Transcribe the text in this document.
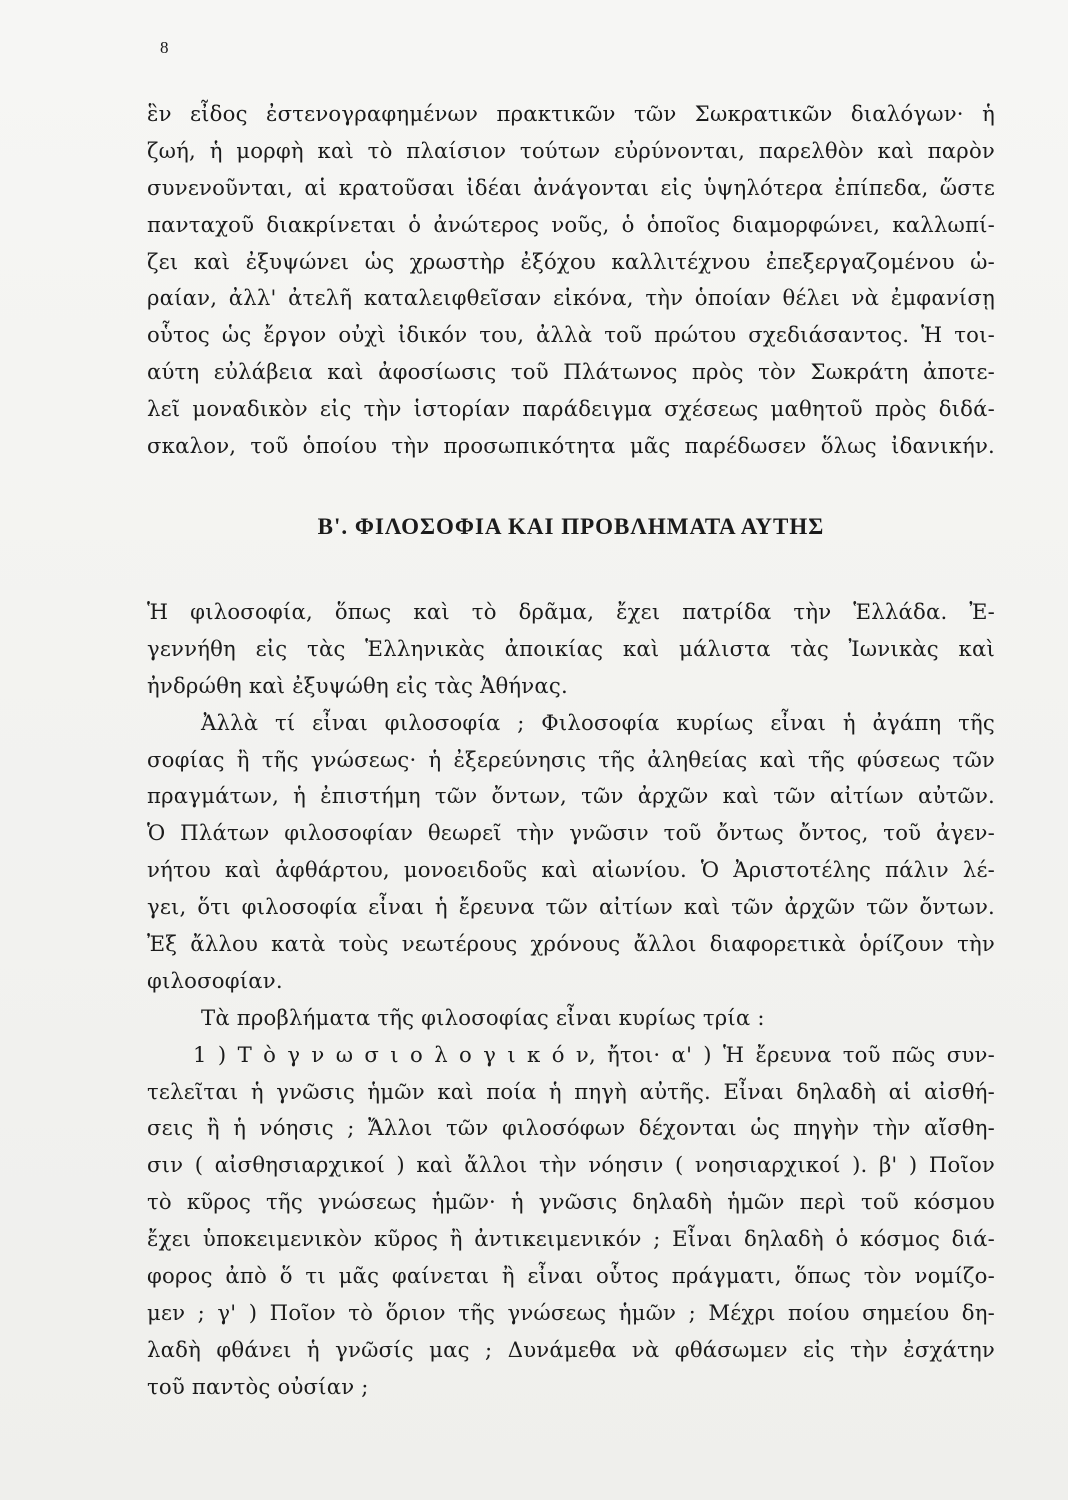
8
ἓν εἶδος ἐστενογραφημένων πρακτικῶν τῶν Σωκρατικῶν διαλόγων· ἡ
ζωή, ἡ μορφὴ καὶ τὸ πλαίσιον τούτων εὐρύνονται, παρελθὸν καὶ παρὸν
συνενοῦνται, αἱ κρατοῦσαι ἰδέαι ἀνάγονται εἰς ὑψηλότερα ἐπίπεδα, ὥστε
πανταχοῦ διακρίνεται ὁ ἀνώτερος νοῦς, ὁ ὁποῖος διαμορφώνει, καλλωπί-
ζει καὶ ἐξυψώνει ὡς χρωστὴρ ἐξόχου καλλιτέχνου ἐπεξεργαζομένου ὡ-
ραίαν, ἀλλ' ἀτελῆ καταλειφθεῖσαν εἰκόνα, τὴν ὁποίαν θέλει νὰ ἐμφανίσῃ
οὗτος ὡς ἔργον οὐχὶ ἰδικόν του, ἀλλὰ τοῦ πρώτου σχεδιάσαντος. Ἡ τοι-
αύτη εὐλάβεια καὶ ἀφοσίωσις τοῦ Πλάτωνος πρὸς τὸν Σωκράτη ἀποτε-
λεῖ μοναδικὸν εἰς τὴν ἱστορίαν παράδειγμα σχέσεως μαθητοῦ πρὸς διδά-
σκαλον, τοῦ ὁποίου τὴν προσωπικότητα μᾶς παρέδωσεν ὅλως ἰδανικήν.
Β'. ΦΙΛΟΣΟΦΙΑ ΚΑΙ ΠΡΟΒΛΗΜΑΤΑ ΑΥΤΗΣ
Ἡ φιλοσοφία, ὅπως καὶ τὸ δρᾶμα, ἔχει πατρίδα τὴν Ἑλλάδα. Ἐ-
γεννήθη εἰς τὰς Ἑλληνικὰς ἀποικίας καὶ μάλιστα τὰς Ἰωνικὰς καὶ
ἠνδρώθη καὶ ἐξυψώθη εἰς τὰς Ἀθήνας.
Ἀλλὰ τί εἶναι φιλοσοφία ; Φιλοσοφία κυρίως εἶναι ἡ ἀγάπη τῆς
σοφίας ἢ τῆς γνώσεως· ἡ ἐξερεύνησις τῆς ἀληθείας καὶ τῆς φύσεως τῶν
πραγμάτων, ἡ ἐπιστήμη τῶν ὄντων, τῶν ἀρχῶν καὶ τῶν αἰτίων αὐτῶν.
Ὁ Πλάτων φιλοσοφίαν θεωρεῖ τὴν γνῶσιν τοῦ ὄντως ὄντος, τοῦ ἀγεν-
νήτου καὶ ἀφθάρτου, μονοειδοῦς καὶ αἰωνίου. Ὁ Ἀριστοτέλης πάλιν λέ-
γει, ὅτι φιλοσοφία εἶναι ἡ ἔρευνα τῶν αἰτίων καὶ τῶν ἀρχῶν τῶν ὄντων.
Ἐξ ἄλλου κατὰ τοὺς νεωτέρους χρόνους ἄλλοι διαφορετικὰ ὁρίζουν τὴν
φιλοσοφίαν.
Τὰ προβλήματα τῆς φιλοσοφίας εἶναι κυρίως τρία :
1 ) Τ ὸ γ ν ω σ ι ο λ ο γ ι κ ό ν, ἤτοι· α' ) Ἡ ἔρευνα τοῦ πῶς συν-
τελεῖται ἡ γνῶσις ἡμῶν καὶ ποία ἡ πηγὴ αὐτῆς. Εἶναι δηλαδὴ αἱ αἰσθή-
σεις ἢ ἡ νόησις ; Ἄλλοι τῶν φιλοσόφων δέχονται ὡς πηγὴν τὴν αἴσθη-
σιν ( αἰσθησιαρχικοί ) καὶ ἄλλοι τὴν νόησιν ( νοησιαρχικοί ). β' ) Ποῖον
τὸ κῦρος τῆς γνώσεως ἡμῶν· ἡ γνῶσις δηλαδὴ ἡμῶν περὶ τοῦ κόσμου
ἔχει ὑποκειμενικὸν κῦρος ἢ ἀντικειμενικόν ; Εἶναι δηλαδὴ ὁ κόσμος διά-
φορος ἀπὸ ὅ τι μᾶς φαίνεται ἢ εἶναι οὗτος πράγματι, ὅπως τὸν νομίζο-
μεν ; γ' ) Ποῖον τὸ ὅριον τῆς γνώσεως ἡμῶν ; Μέχρι ποίου σημείου δη-
λαδὴ φθάνει ἡ γνῶσίς μας ; Δυνάμεθα νὰ φθάσωμεν εἰς τὴν ἐσχάτην
τοῦ παντὸς οὐσίαν ;
